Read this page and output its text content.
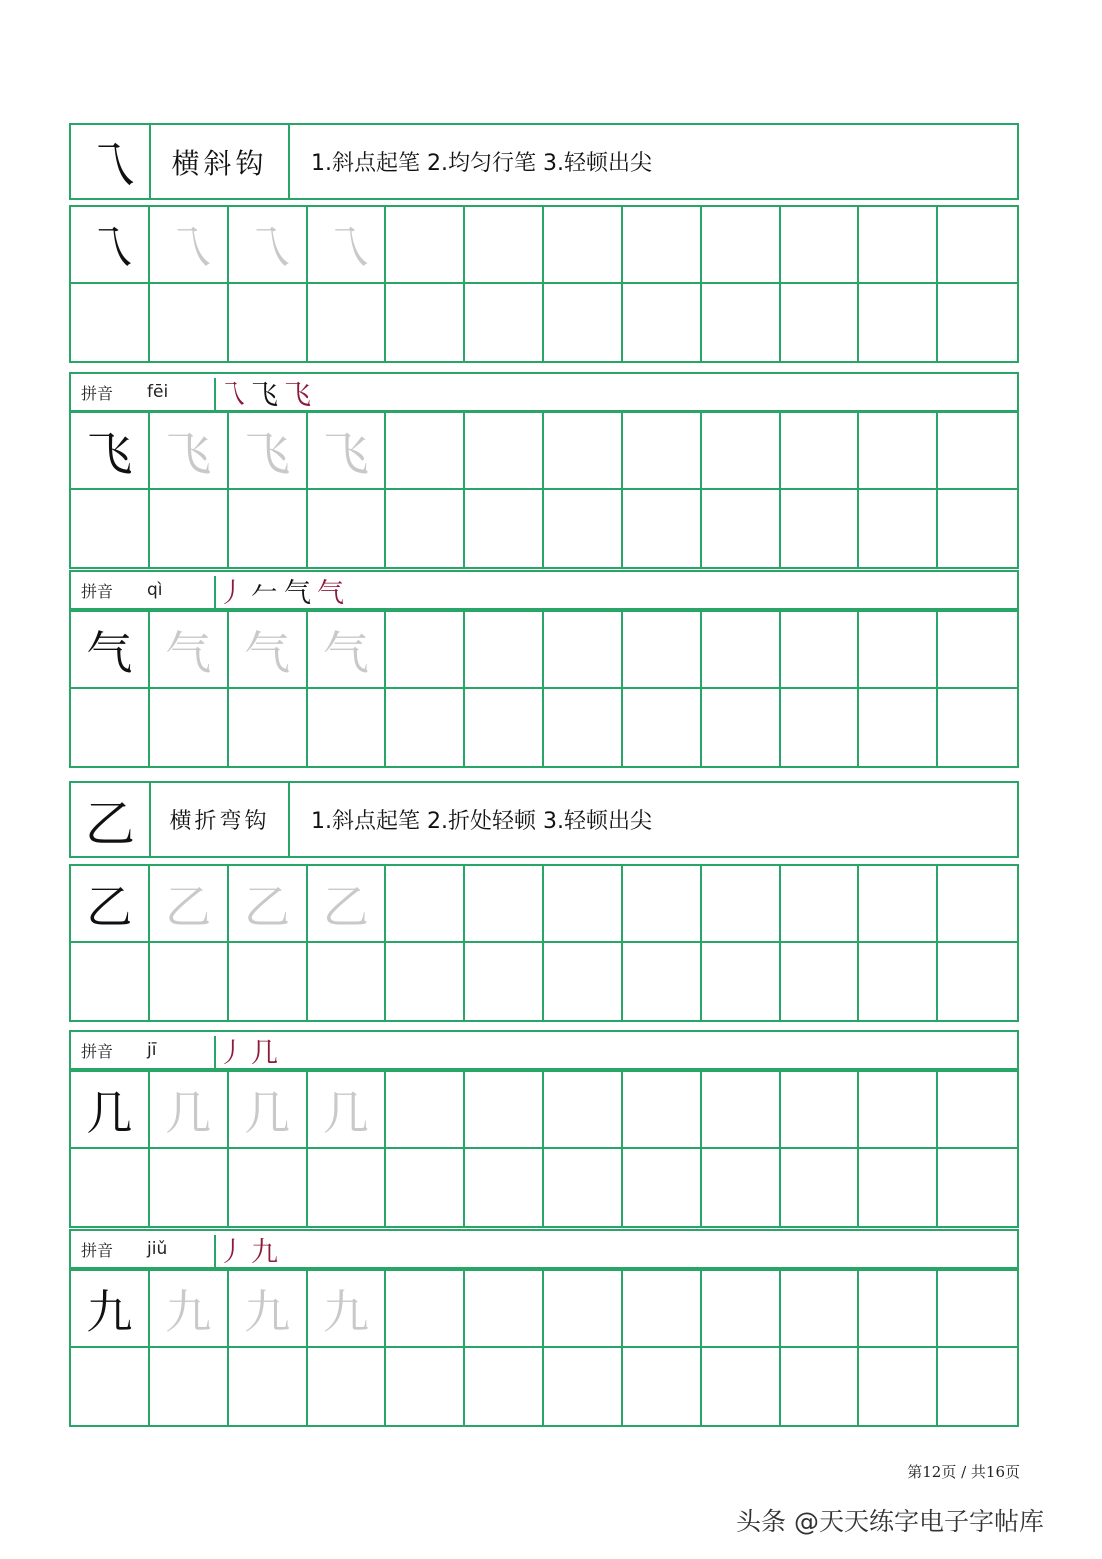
乁	横斜钩	1.斜点起笔 2.均匀行笔 3.轻顿出尖
乁 乁 乁 乁
拼音 fēi 乁 飞 飞
飞 飞 飞 飞
拼音 qì 丿 𠂉 气 气
气 气 气 气
乙	横折弯钩	1.斜点起笔 2.折处轻顿 3.轻顿出尖
乙 乙 乙 乙
拼音 jī 丿 几
几 几 几 几
拼音 jiǔ 丿 九
九 九 九 九
第12页 / 共16页
头条 @天天练字电子字帖库
